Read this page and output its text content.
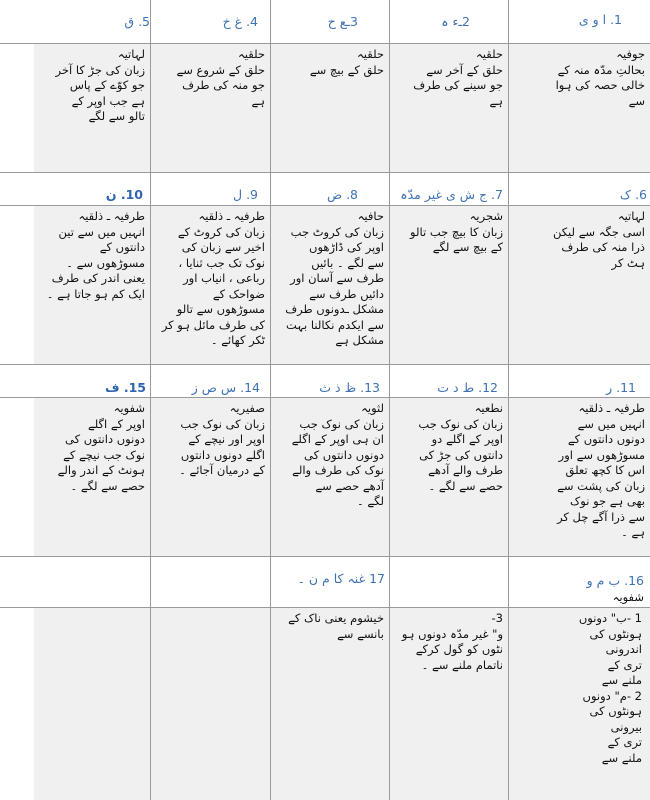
1. ا و ی
2ـء ہ
3ـع ح
4. غ خ
5. ق
جوفیہ
بحالتِ مدّہ منہ کے
خالی حصہ کی ہوا
سے
حلقیہ
حلق کے آخر سے
جو سینے کی طرف
ہے
حلقیہ
حلق کے بیچ سے
حلقیہ
حلق کے شروع سے
جو منہ کی طرف
ہے
لہاتیہ
زبان کی جڑ کا آخر
جو کوّے کے پاس
ہے جب اوپر کے
تالو سے لگے
6. ک
7. ج ش ی غیر مدّہ
8. ض
9. ل
10. ن
لہاتیہ
اسی جگہ سے لیکن
ذرا منہ کی طرف
ہٹ کر
شجریہ
زبان کا بیچ جب تالو
کے بیچ سے لگے
حافیہ
زبان کی کروٹ جب
اوپر کی ڈاڑھوں
سے لگے ۔ بائیں
طرف سے آسان اور
دائیں طرف سے
مشکل ـدونوں طرف
سے ایکدم نکالنا بہت
مشکل ہے
طرفیہ ـ ذلقیہ
زبان کی کروٹ کے
اخیر سے زبان کی
نوک تک جب ثنایا ،
رباعی ، انیاب اور
ضواحک کے
مسوڑھوں سے تالو
کی طرف مائل ہو کر
ٹکر کھائے ۔
طرفیہ ـ ذلقیہ
انہیں میں سے تین
دانتوں کے
مسوڑھوں سے ۔
یعنی اندر کی طرف
ایک کم ہو جاتا ہے ۔
11. ر
12. ط د ت
13. ظ ذ ث
14. س ص ز
15. ف
طرفیہ ـ ذلقیہ
انہیں میں سے
دونوں دانتوں کے
مسوڑھوں سے اور
اس کا کچھ تعلق
زبان کی پشت سے
بھی ہے جو نوک
سے ذرا آگے چل کر
ہے ۔
نطعیہ
زبان کی نوک جب
اوپر کے اگلے دو
دانتوں کی جڑ کی
طرف والے آدھے
حصے سے لگے ۔
لثویہ
زبان کی نوک جب
ان ہی اوپر کے اگلے
دونوں دانتوں کی
نوک کی طرف والے
آدھے حصے سے
لگے ۔
صفیریہ
زبان کی نوک جب
اوپر اور نیچے کے
اگلے دونوں دانتوں
کے درمیان آجائے ۔
شفویہ
اوپر کے اگلے
دونوں دانتوں کی
نوک جب نیچے کے
ہونٹ کے اندر والے
حصے سے لگے ۔
16. ب م و
شفویہ
17 غنہ کا م ن ۔
1 -ب" دونوں
ہونٹوں کی
اندرونی
تری کے
ملنے سے
2 -م" دونوں
ہونٹوں کی
بیرونی
تری کے
ملنے سے
3-
و" غیر مدّہ دونوں ہو
نٹوں کو گول کرکے
ناتمام ملنے سے ۔
خیشوم یعنی ناک کے
بانسے سے
